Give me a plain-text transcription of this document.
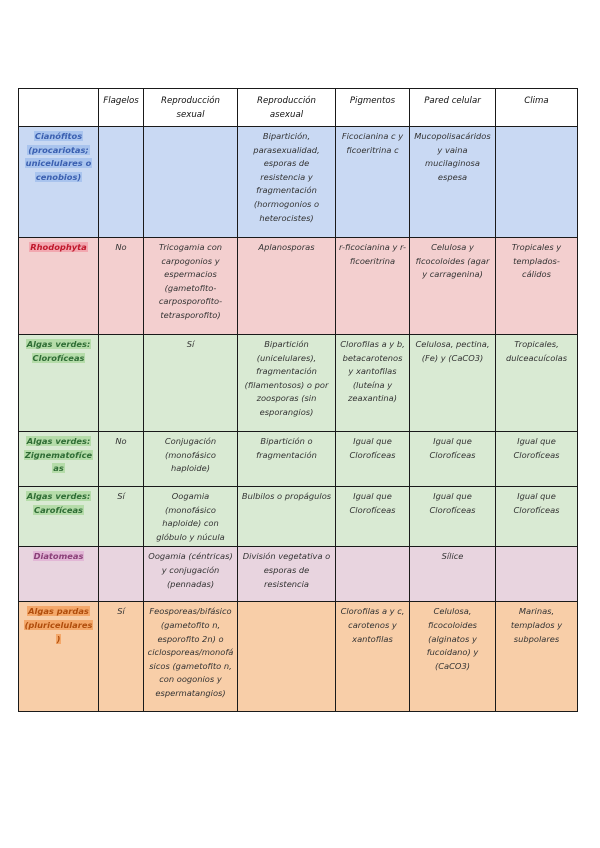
	Flagelos	Reproducción sexual	Reproducción asexual	Pigmentos	Pared celular	Clima
Cianófitos (procariotas; unicelulares o cenobios)			Bipartición, parasexualidad, esporas de resistencia y fragmentación (hormogonios o heterocistes)	Ficocianina c y ficoeritrina c	Mucopolisacáridos y vaina mucilaginosa espesa	
Rhodophyta	No	Tricogamia con carpogonios y espermacios (gametofito-carposporofito-tetrasporofito)	Aplanosporas	r-ficocianina y r-ficoeritrina	Celulosa y ficocoloides (agar y carragenina)	Tropicales y templados-cálidos
Algas verdes: Clorofíceas		Sí	Bipartición (unicelulares), fragmentación (filamentosos) o por zoosporas (sin esporangios)	Clorofilas a y b, betacarotenos y xantofilas (luteína y zeaxantina)	Celulosa, pectina, (Fe) y (CaCO3)	Tropicales, dulceacuícolas
Algas verdes: Zignematofíceas	No	Conjugación (monofásico haploide)	Bipartición o fragmentación	Igual que Clorofíceas	Igual que Clorofíceas	Igual que Clorofíceas
Algas verdes: Carofíceas	Sí	Oogamia (monofásico haploide) con glóbulo y núcula	Bulbilos o propágulos	Igual que Clorofíceas	Igual que Clorofíceas	Igual que Clorofíceas
Diatomeas		Oogamia (céntricas) y conjugación (pennadas)	División vegetativa o esporas de resistencia		Sílice	
Algas pardas (pluricelulares)	Sí	Feosporeas/bifásico (gametofito n, esporofito 2n) o ciclosporeas/monofásicos (gametofito n, con oogonios y espermatangios)		Clorofilas a y c, carotenos y xantofilas	Celulosa, ficocoloides (alginatos y fucoidano) y (CaCO3)	Marinas, templados y subpolares
